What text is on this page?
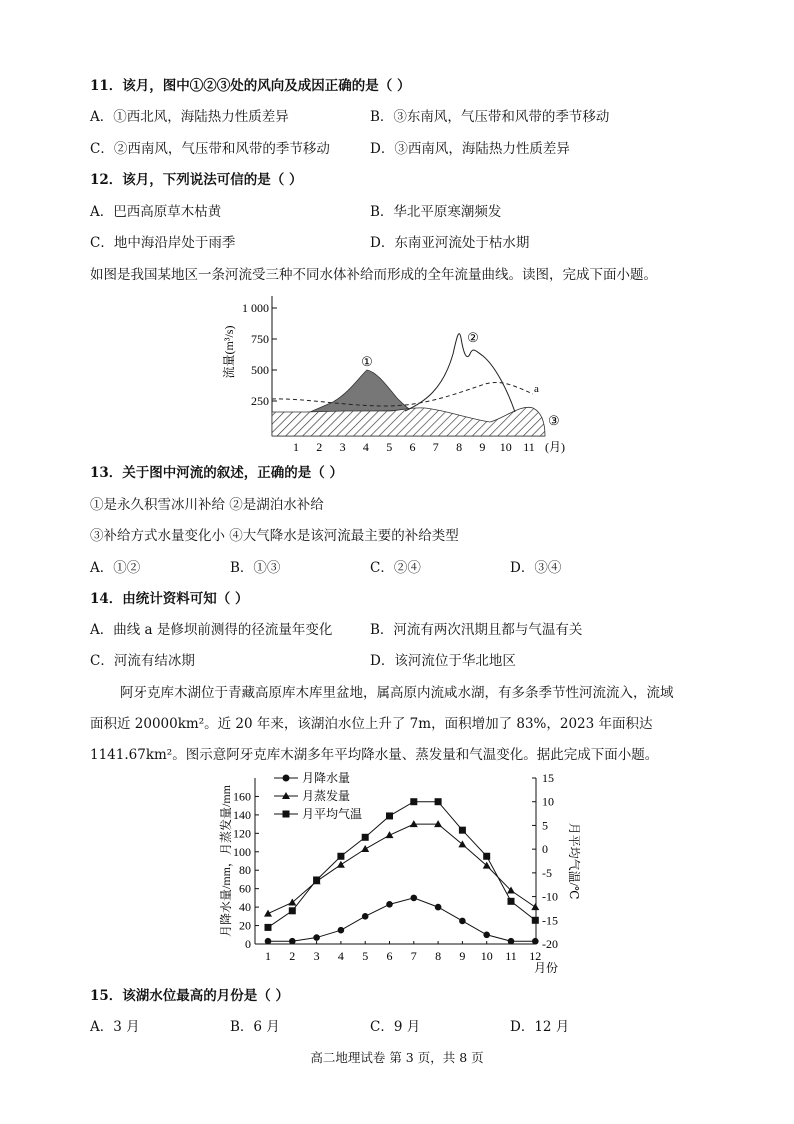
11．该月，图中①②③处的风向及成因正确的是（ ）
A．①西北风，海陆热力性质差异	B．③东南风，气压带和风带的季节移动
C．②西南风，气压带和风带的季节移动	D．③西南风，海陆热力性质差异
12．该月，下列说法可信的是（ ）
A．巴西高原草木枯黄	B．华北平原寒潮频发
C．地中海沿岸处于雨季	D．东南亚河流处于枯水期
如图是我国某地区一条河流受三种不同水体补给而形成的全年流量曲线。读图，完成下面小题。
流量(m³/s)
1 000
750
500
250
1 2 3 4 5 6 7 8 9 10 11 (月)
①
②
③
a
13．关于图中河流的叙述，正确的是（ ）
①是永久积雪冰川补给 ②是湖泊水补给
③补给方式水量变化小 ④大气降水是该河流最主要的补给类型
A．①②	B．①③	C．②④	D．③④
14．由统计资料可知（ ）
A．曲线 a 是修坝前测得的径流量年变化	B．河流有两次汛期且都与气温有关
C．河流有结冰期	D．该河流位于华北地区
阿牙克库木湖位于青藏高原库木库里盆地，属高原内流咸水湖，有多条季节性河流流入，流域
面积近 20000km²。近 20 年来，该湖泊水位上升了 7m，面积增加了 83%，2023 年面积达
1141.67km²。图示意阿牙克库木湖多年平均降水量、蒸发量和气温变化。据此完成下面小题。
月降水量/mm，月蒸发量/mm	月平均气温/℃
月份
月降水量
月蒸发量
月平均气温
0
20
40
60
80
100
120
140
160
-20
-15
-10
-5
0
5
10
15
1 2 3 4 5 6 7 8 9 10 11 12
15．该湖水位最高的月份是（ ）
A．3 月	B．6 月	C．9 月	D．12 月
高二地理试卷 第 3 页，共 8 页
